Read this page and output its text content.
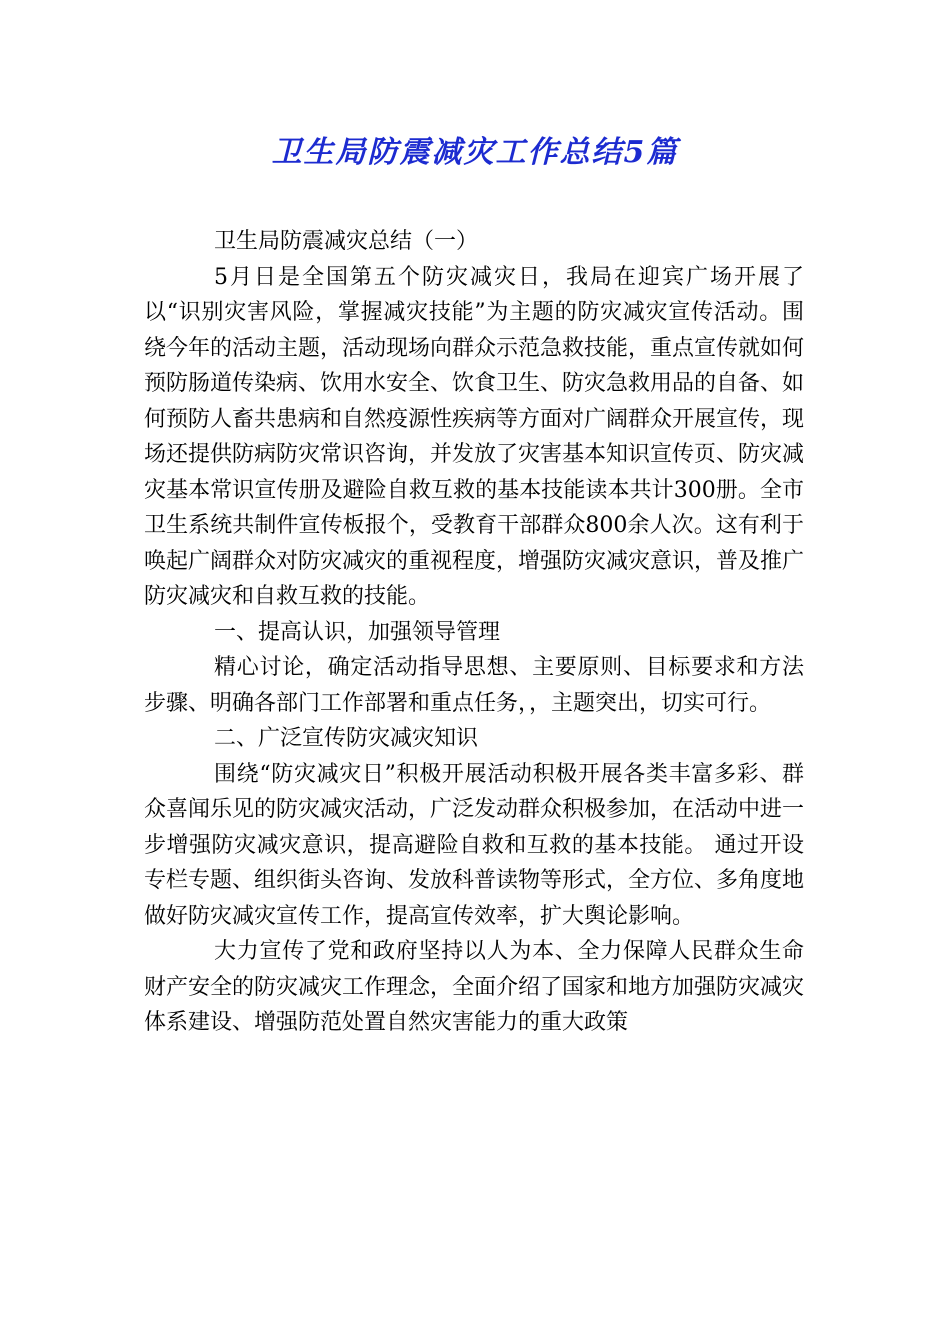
卫生局防震减灾工作总结5篇

卫生局防震减灾总结（一）

5月日是全国第五个防灾减灾日，我局在迎宾广场开展了以“识别灾害风险，掌握减灾技能”为主题的防灾减灾宣传活动。围绕今年的活动主题，活动现场向群众示范急救技能，重点宣传就如何预防肠道传染病、饮用水安全、饮食卫生、防灾急救用品的自备、如何预防人畜共患病和自然疫源性疾病等方面对广阔群众开展宣传，现场还提供防病防灾常识咨询，并发放了灾害基本知识宣传页、防灾减灾基本常识宣传册及避险自救互救的基本技能读本共计300册。全市卫生系统共制件宣传板报个，受教育干部群众800余人次。这有利于唤起广阔群众对防灾减灾的重视程度，增强防灾减灾意识，普及推广防灾减灾和自救互救的技能。

一、提高认识，加强领导管理

精心讨论，确定活动指导思想、主要原则、目标要求和方法步骤、明确各部门工作部署和重点任务，，主题突出，切实可行。

二、广泛宣传防灾减灾知识

围绕“防灾减灾日”积极开展活动积极开展各类丰富多彩、群众喜闻乐见的防灾减灾活动，广泛发动群众积极参加，在活动中进一步增强防灾减灾意识，提高避险自救和互救的基本技能。 通过开设专栏专题、组织街头咨询、发放科普读物等形式，全方位、多角度地做好防灾减灾宣传工作，提高宣传效率，扩大舆论影响。

大力宣传了党和政府坚持以人为本、全力保障人民群众生命财产安全的防灾减灾工作理念，全面介绍了国家和地方加强防灾减灾体系建设、增强防范处置自然灾害能力的重大政策
